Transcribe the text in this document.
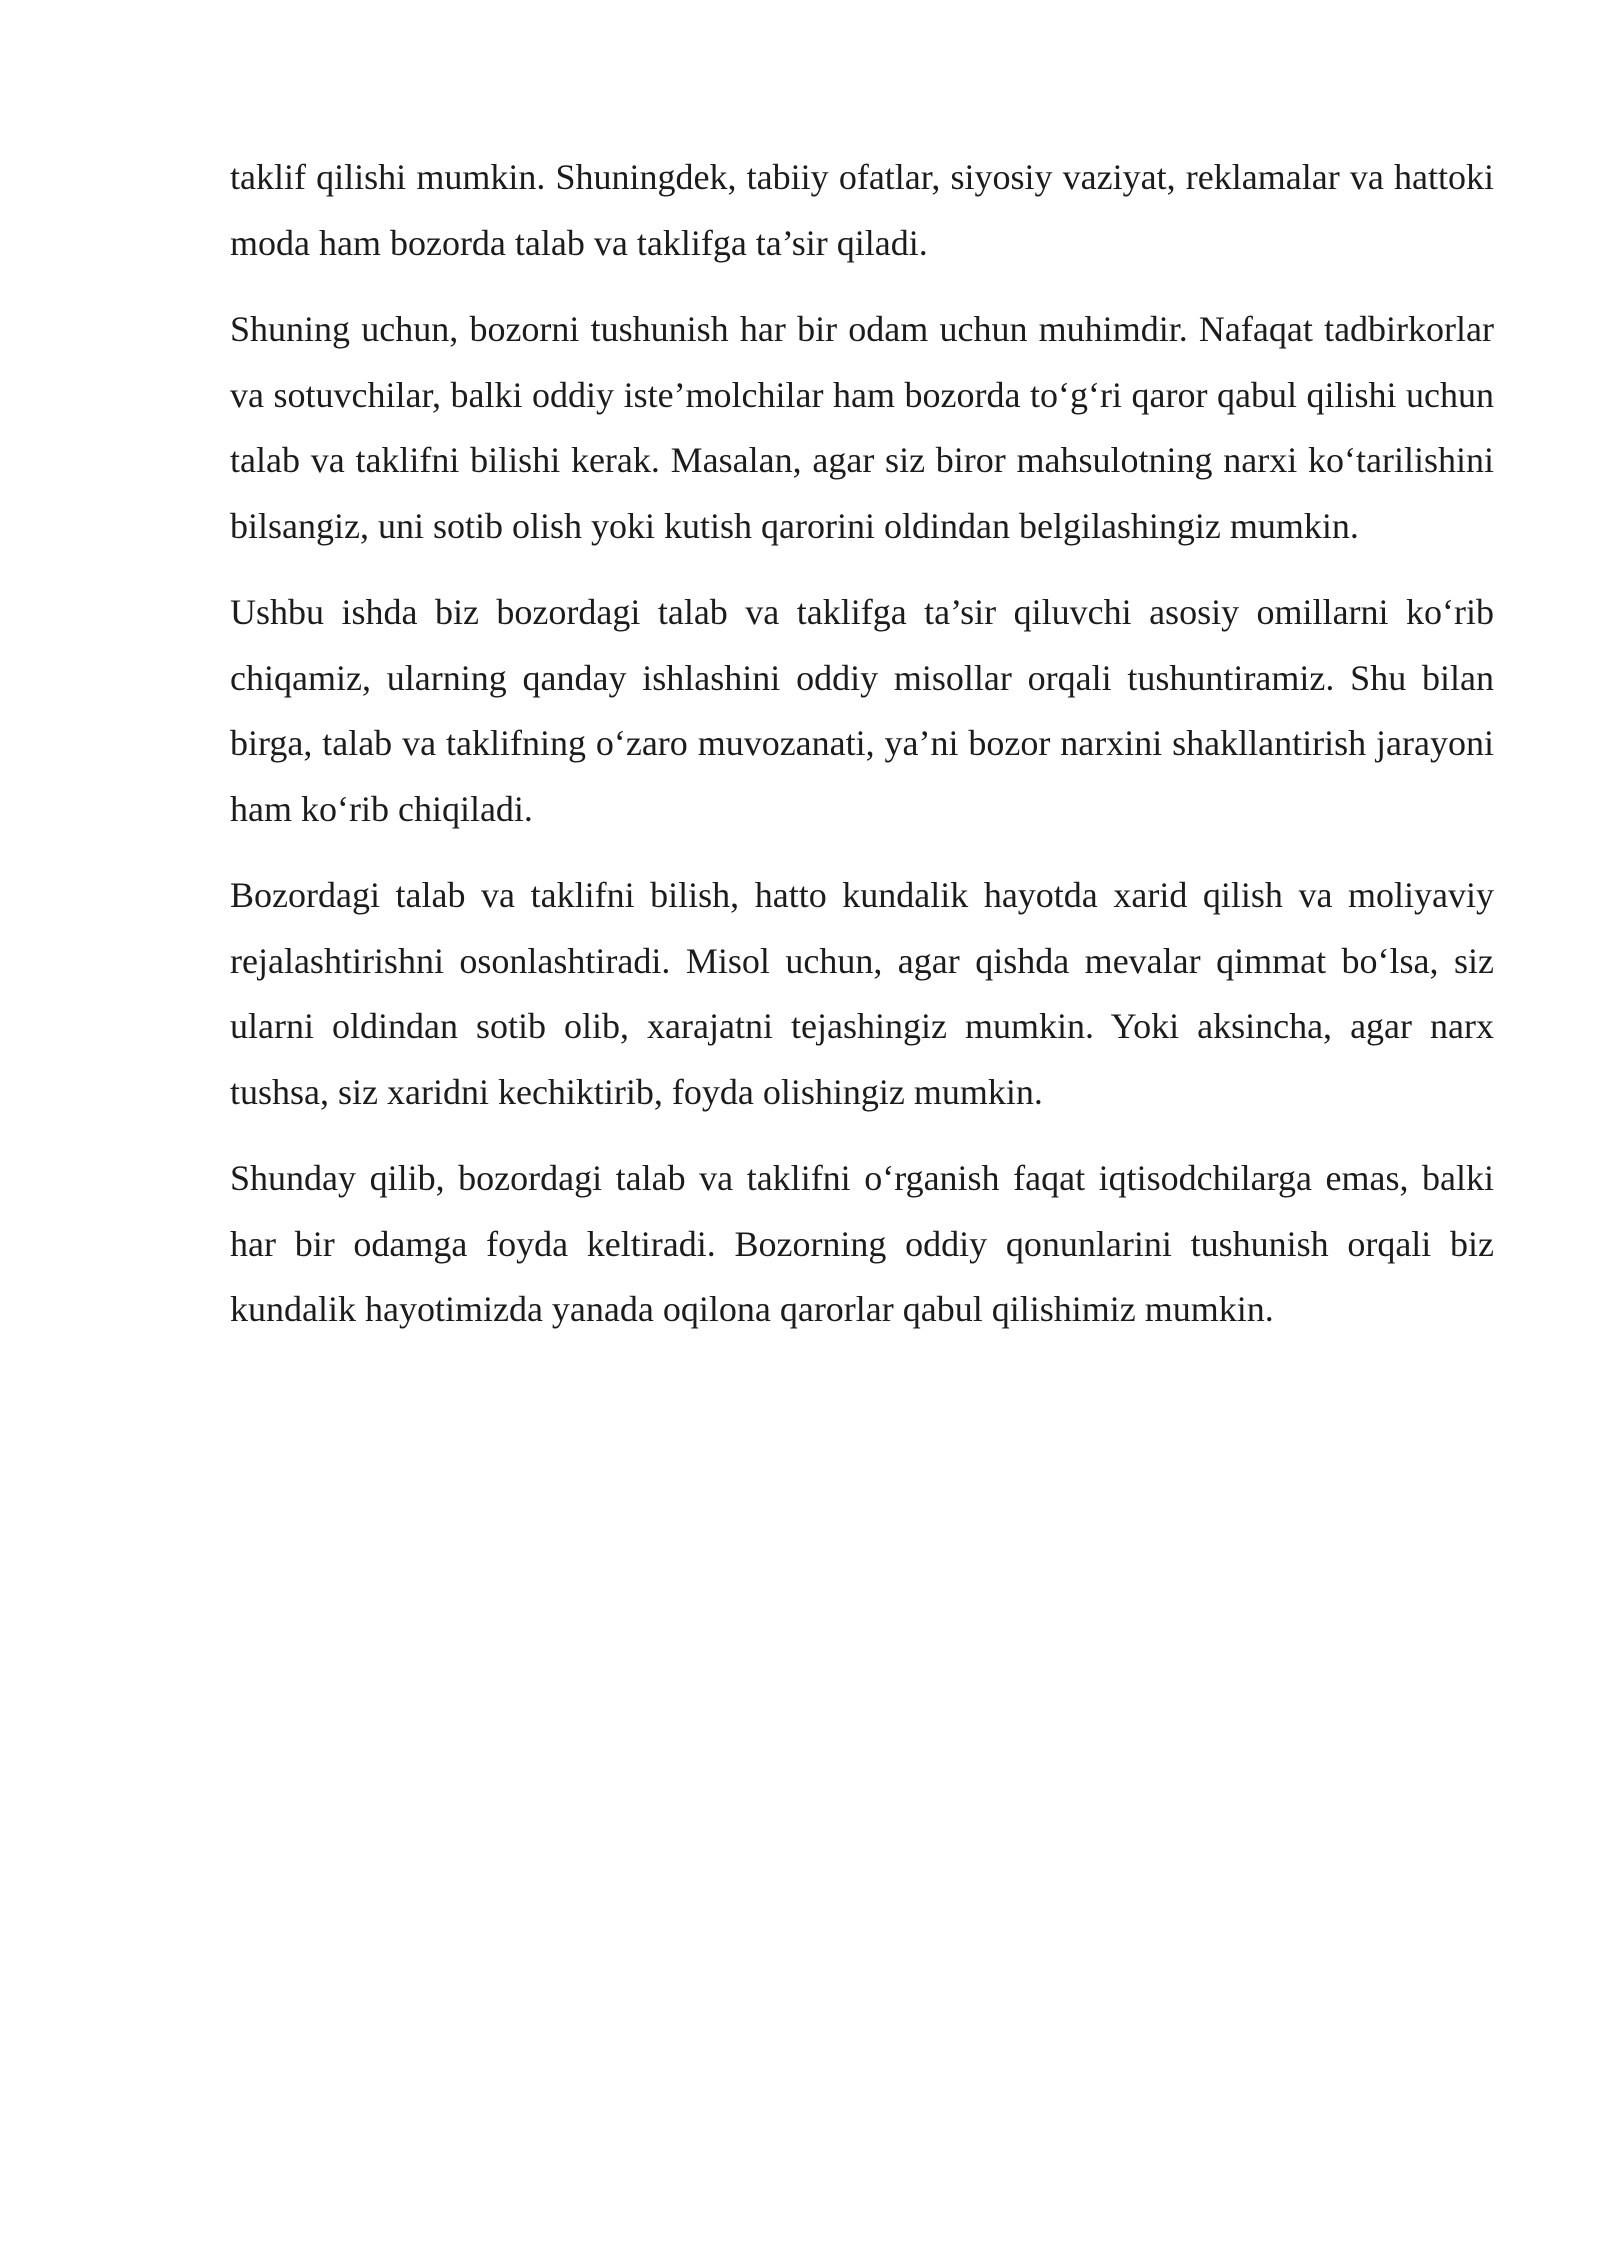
taklif qilishi mumkin. Shuningdek, tabiiy ofatlar, siyosiy vaziyat, reklamalar va hattoki moda ham bozorda talab va taklifga ta’sir qiladi.

Shuning uchun, bozorni tushunish har bir odam uchun muhimdir. Nafaqat tadbirkorlar va sotuvchilar, balki oddiy iste’molchilar ham bozorda to‘g‘ri qaror qabul qilishi uchun talab va taklifni bilishi kerak. Masalan, agar siz biror mahsulotning narxi ko‘tarilishini bilsangiz, uni sotib olish yoki kutish qarorini oldindan belgilashingiz mumkin.

Ushbu ishda biz bozordagi talab va taklifga ta’sir qiluvchi asosiy omillarni ko‘rib chiqamiz, ularning qanday ishlashini oddiy misollar orqali tushuntiramiz. Shu bilan birga, talab va taklifning o‘zaro muvozanati, ya’ni bozor narxini shakllantirish jarayoni ham ko‘rib chiqiladi.

Bozordagi talab va taklifni bilish, hatto kundalik hayotda xarid qilish va moliyaviy rejalashtirishni osonlashtiradi. Misol uchun, agar qishda mevalar qimmat bo‘lsa, siz ularni oldindan sotib olib, xarajatni tejashingiz mumkin. Yoki aksincha, agar narx tushsa, siz xaridni kechiktirib, foyda olishingiz mumkin.

Shunday qilib, bozordagi talab va taklifni o‘rganish faqat iqtisodchilarga emas, balki har bir odamga foyda keltiradi. Bozorning oddiy qonunlarini tushunish orqali biz kundalik hayotimizda yanada oqilona qarorlar qabul qilishimiz mumkin.
